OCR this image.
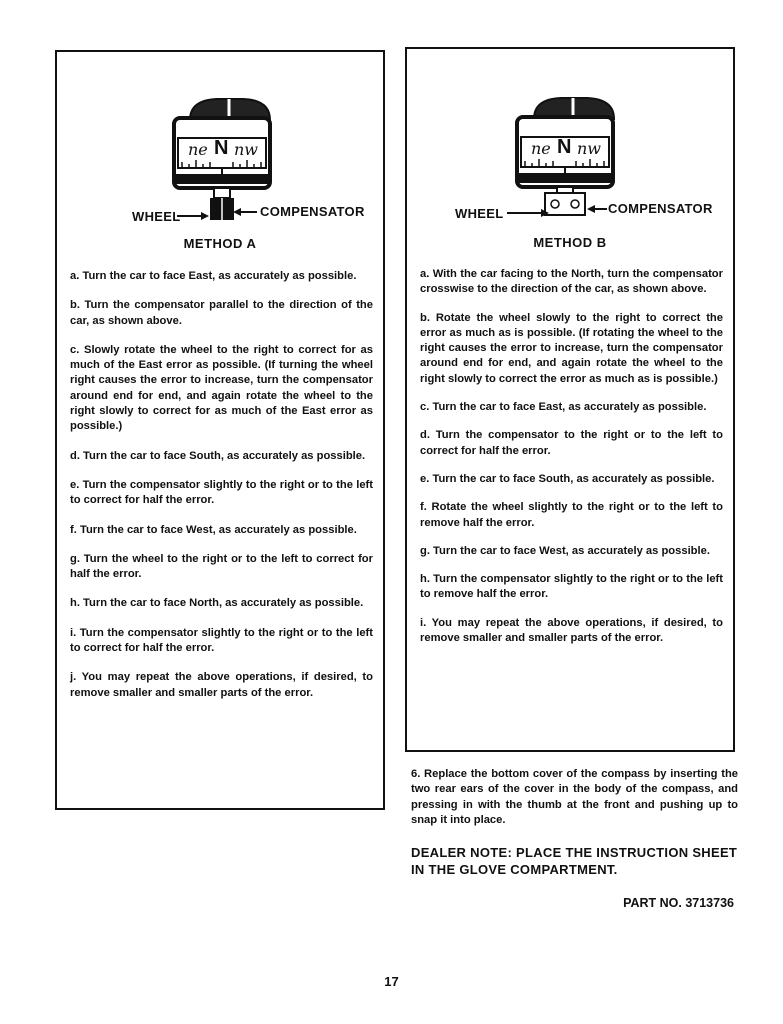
ne N nw
WHEEL	COMPENSATOR
METHOD A

a. Turn the car to face East, as accurately as possible.

b. Turn the compensator parallel to the direction of the car, as shown above.

c. Slowly rotate the wheel to the right to correct for as much of the East error as possible. (If turning the wheel right causes the error to increase, turn the compensator around end for end, and again rotate the wheel to the right slowly to correct for as much of the East error as possible.)

d. Turn the car to face South, as accurately as possible.

e. Turn the compensator slightly to the right or to the left to correct for half the error.

f. Turn the car to face West, as accurately as possible.

g. Turn the wheel to the right or to the left to correct for half the error.

h. Turn the car to face North, as accurately as possible.

i. Turn the compensator slightly to the right or to the left to correct for half the error.

j. You may repeat the above operations, if desired, to remove smaller and smaller parts of the error.

ne N nw
WHEEL	COMPENSATOR
METHOD B

a. With the car facing to the North, turn the compensator crosswise to the direction of the car, as shown above.

b. Rotate the wheel slowly to the right to correct the error as much as is possible. (If rotating the wheel to the right causes the error to increase, turn the compensator around end for end, and again rotate the wheel to the right slowly to correct the error as much as is possible.)

c. Turn the car to face East, as accurately as possible.

d. Turn the compensator to the right or to the left to correct for half the error.

e. Turn the car to face South, as accurately as possible.

f. Rotate the wheel slightly to the right or to the left to remove half the error.

g. Turn the car to face West, as accurately as possible.

h. Turn the compensator slightly to the right or to the left to remove half the error.

i. You may repeat the above operations, if desired, to remove smaller and smaller parts of the error.

6. Replace the bottom cover of the compass by inserting the two rear ears of the cover in the body of the compass, and pressing in with the thumb at the front and pushing up to snap it into place.
DEALER NOTE: PLACE THE INSTRUCTION SHEET IN THE GLOVE COMPARTMENT.
PART NO. 3713736
17
